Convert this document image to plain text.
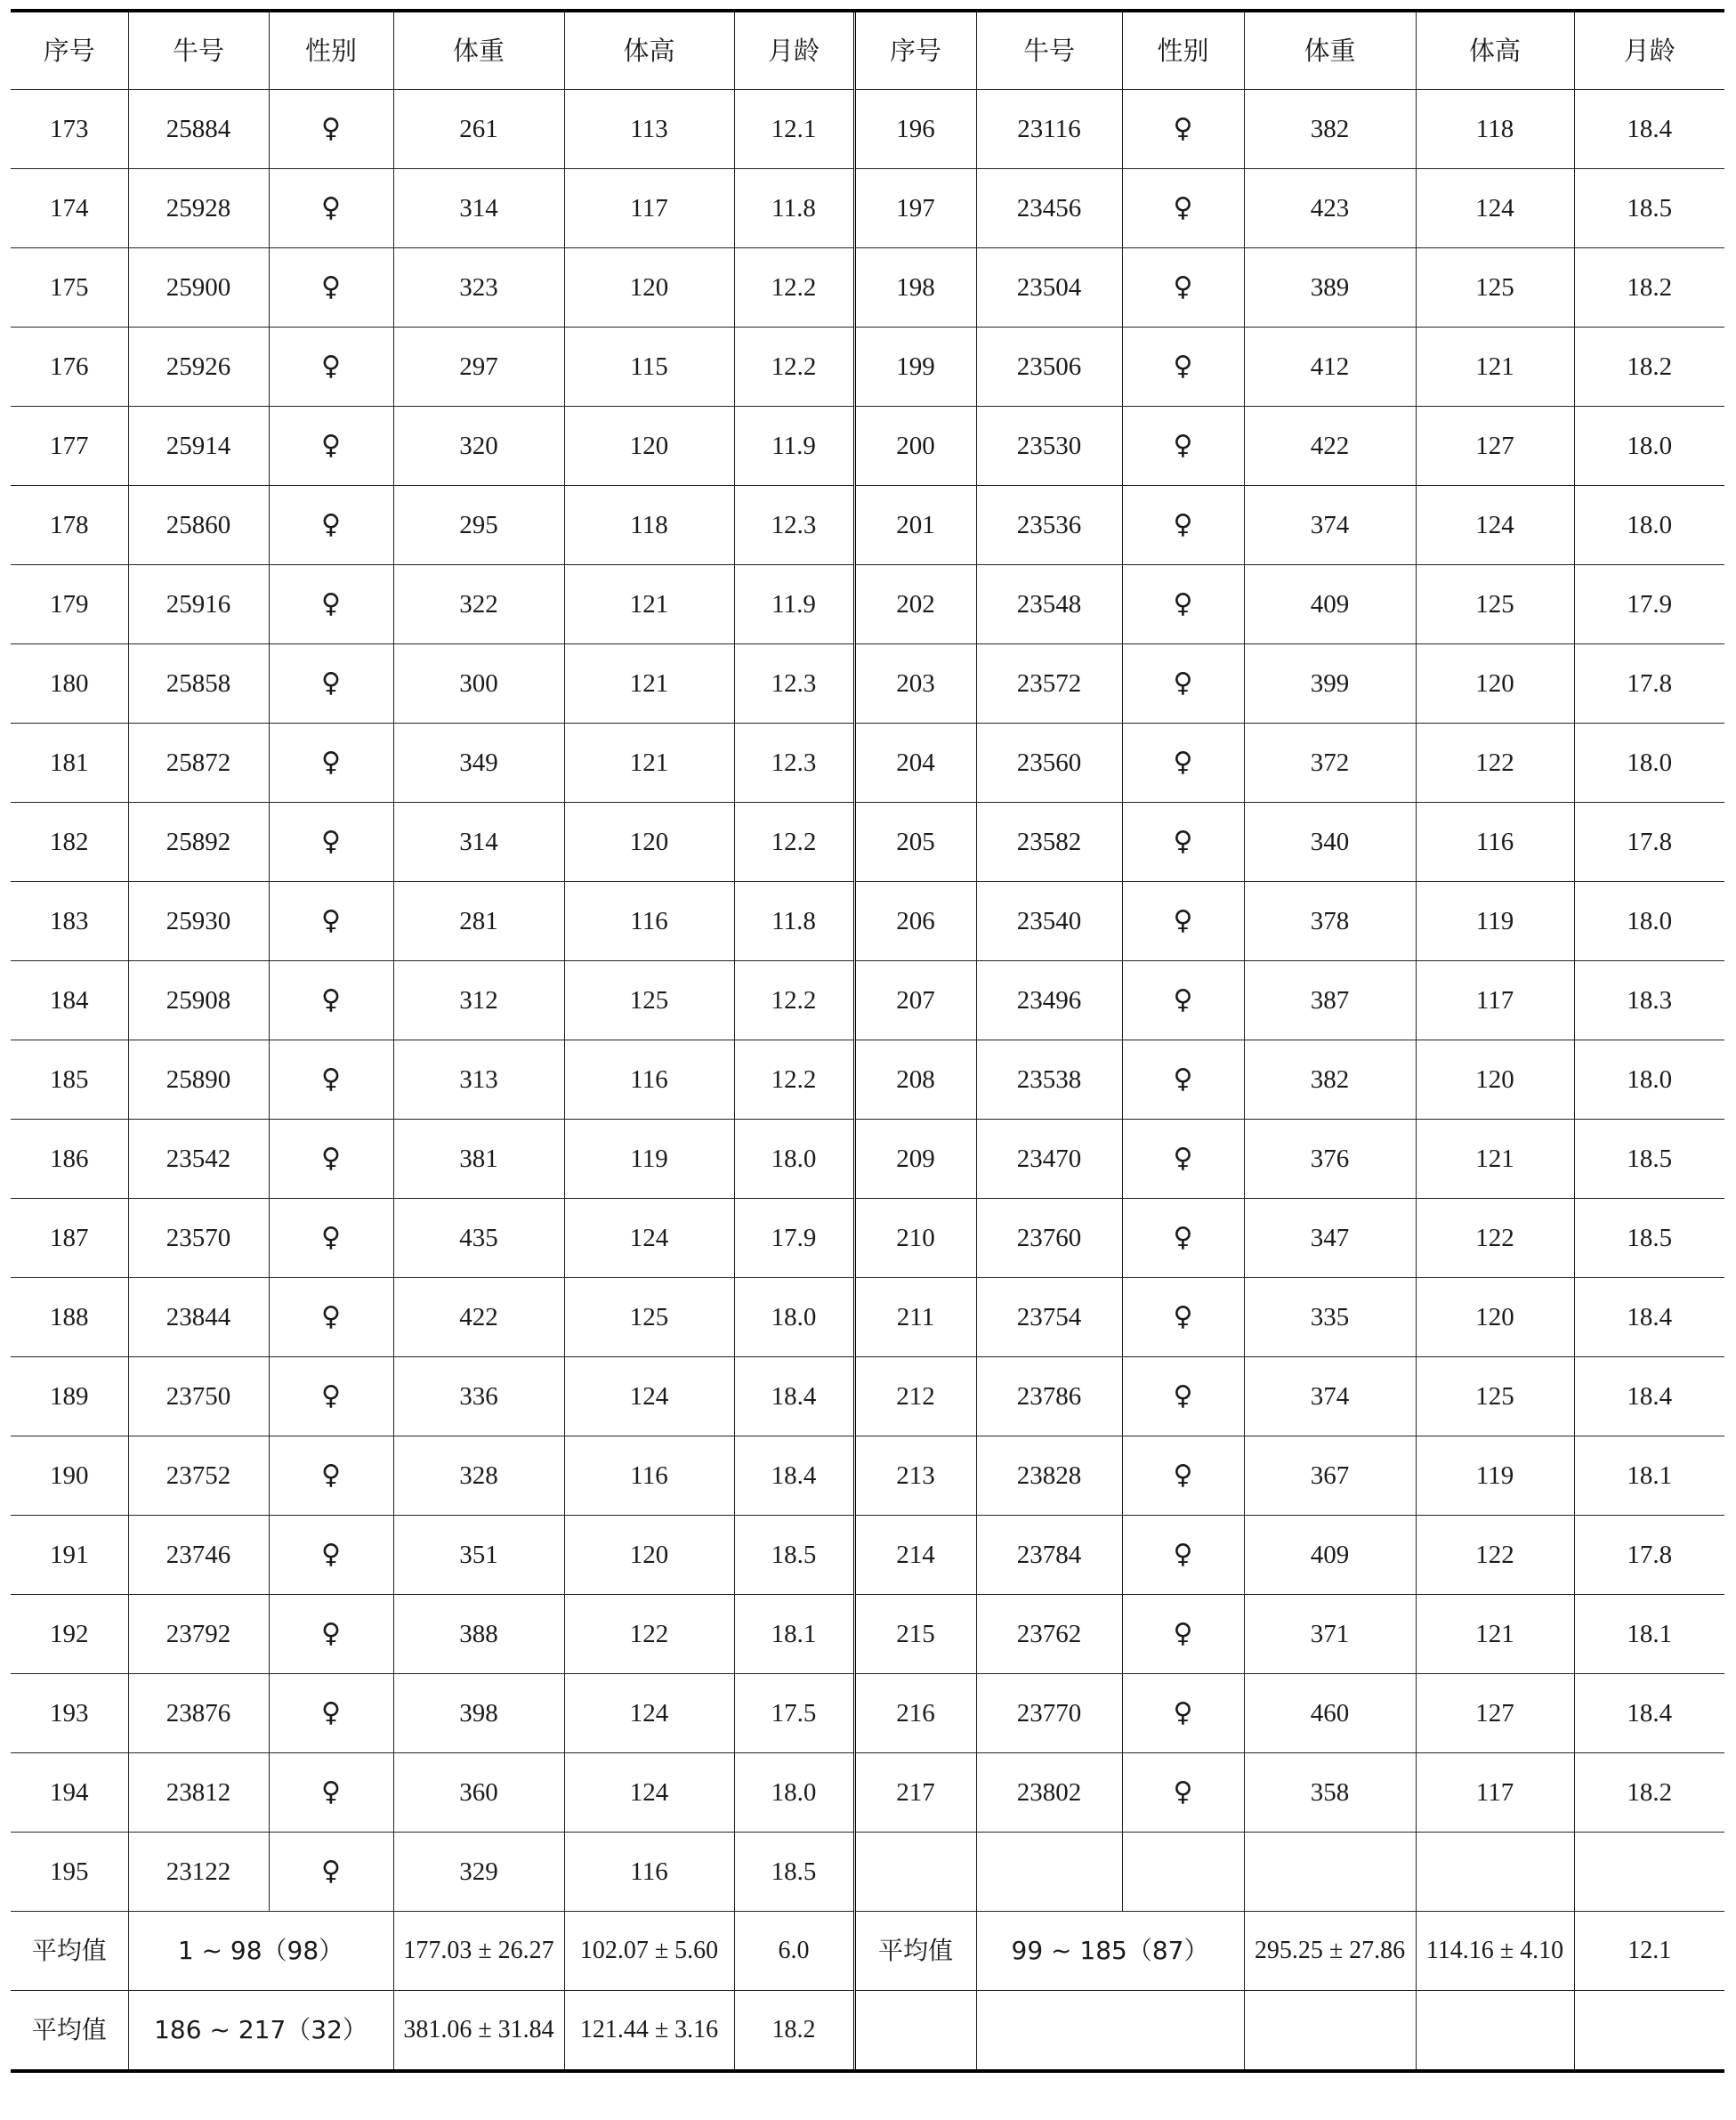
序号	牛号	性别	体重	体高	月龄	序号	牛号	性别	体重	体高	月龄
173	25884	♀	261	113	12.1	196	23116	♀	382	118	18.4
174	25928	♀	314	117	11.8	197	23456	♀	423	124	18.5
175	25900	♀	323	120	12.2	198	23504	♀	389	125	18.2
176	25926	♀	297	115	12.2	199	23506	♀	412	121	18.2
177	25914	♀	320	120	11.9	200	23530	♀	422	127	18.0
178	25860	♀	295	118	12.3	201	23536	♀	374	124	18.0
179	25916	♀	322	121	11.9	202	23548	♀	409	125	17.9
180	25858	♀	300	121	12.3	203	23572	♀	399	120	17.8
181	25872	♀	349	121	12.3	204	23560	♀	372	122	18.0
182	25892	♀	314	120	12.2	205	23582	♀	340	116	17.8
183	25930	♀	281	116	11.8	206	23540	♀	378	119	18.0
184	25908	♀	312	125	12.2	207	23496	♀	387	117	18.3
185	25890	♀	313	116	12.2	208	23538	♀	382	120	18.0
186	23542	♀	381	119	18.0	209	23470	♀	376	121	18.5
187	23570	♀	435	124	17.9	210	23760	♀	347	122	18.5
188	23844	♀	422	125	18.0	211	23754	♀	335	120	18.4
189	23750	♀	336	124	18.4	212	23786	♀	374	125	18.4
190	23752	♀	328	116	18.4	213	23828	♀	367	119	18.1
191	23746	♀	351	120	18.5	214	23784	♀	409	122	17.8
192	23792	♀	388	122	18.1	215	23762	♀	371	121	18.1
193	23876	♀	398	124	17.5	216	23770	♀	460	127	18.4
194	23812	♀	360	124	18.0	217	23802	♀	358	117	18.2
195	23122	♀	329	116	18.5						
平均值	1 ~ 98（98）		177.03 ± 26.27	102.07 ± 5.60	6.0	平均值	99 ~ 185（87）		295.25 ± 27.86	114.16 ± 4.10	12.1
平均值	186 ~ 217（32）		381.06 ± 31.84	121.44 ± 3.16	18.2						
